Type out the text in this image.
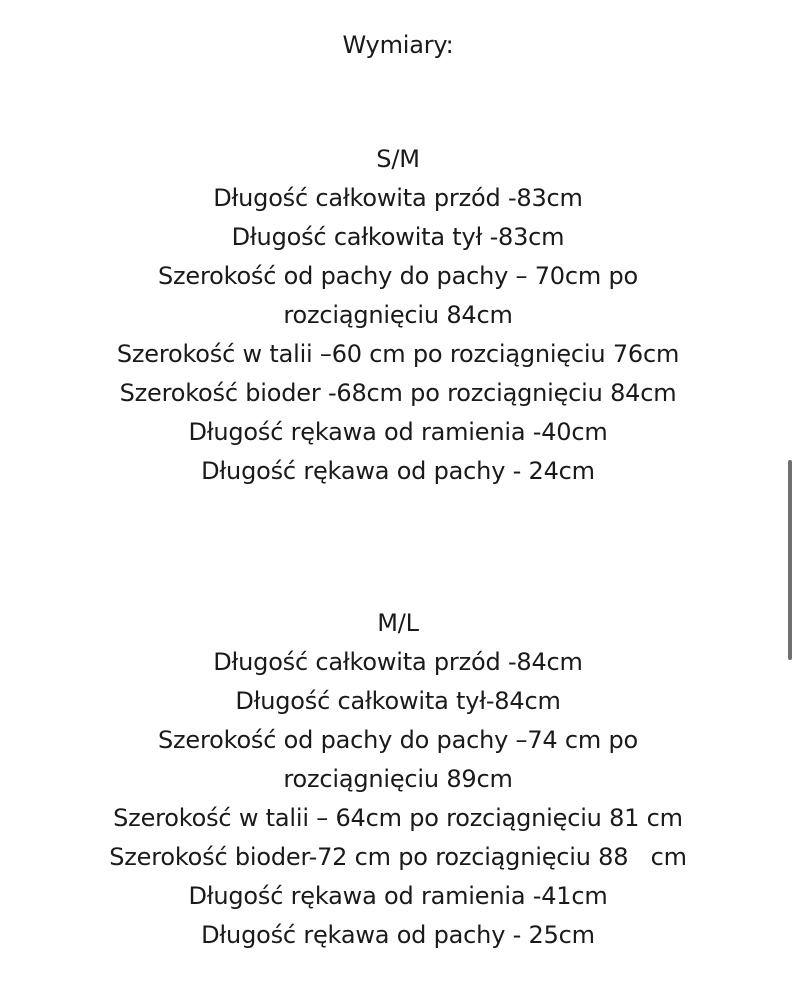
Wymiary:
S/M
Długość całkowita przód -83cm
Długość całkowita tył -83cm
Szerokość od pachy do pachy – 70cm po
rozciągnięciu 84cm
Szerokość w talii –60 cm po rozciągnięciu 76cm
Szerokość bioder -68cm po rozciągnięciu 84cm
Długość rękawa od ramienia -40cm
Długość rękawa od pachy - 24cm
M/L
Długość całkowita przód -84cm
Długość całkowita tył-84cm
Szerokość od pachy do pachy –74 cm po
rozciągnięciu 89cm
Szerokość w talii – 64cm po rozciągnięciu 81 cm
Szerokość bioder-72 cm po rozciągnięciu 88   cm
Długość rękawa od ramienia -41cm
Długość rękawa od pachy - 25cm
